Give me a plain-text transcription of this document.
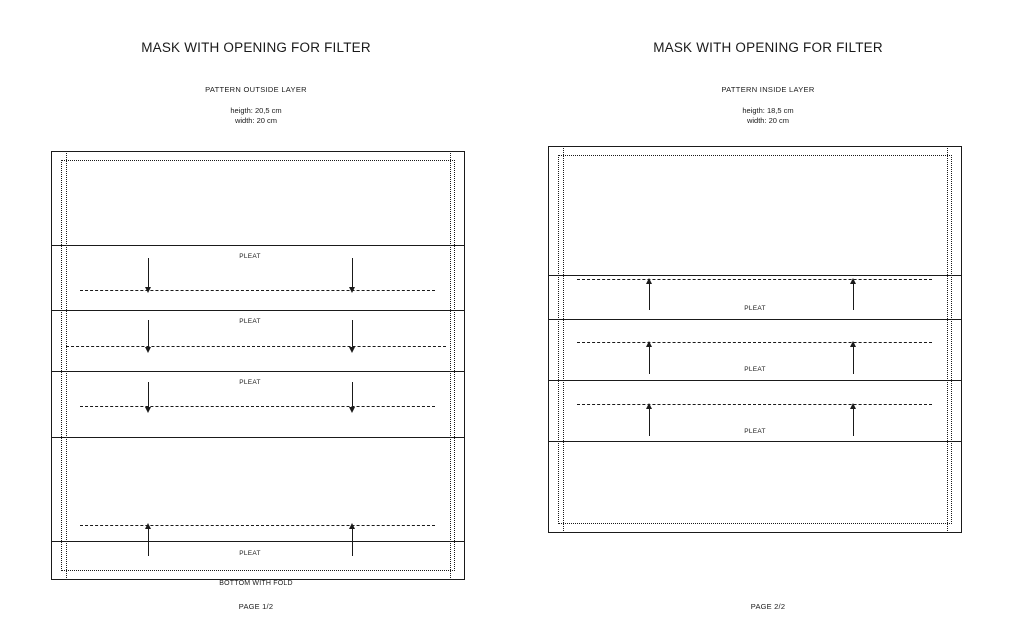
MASK WITH OPENING FOR FILTER
PATTERN OUTSIDE LAYER
heigth: 20,5 cm
width: 20 cm
PLEAT
PLEAT
PLEAT
PLEAT
BOTTOM WITH FOLD
PAGE 1/2
MASK WITH OPENING FOR FILTER
PATTERN INSIDE LAYER
heigth: 18,5 cm
width: 20 cm
PLEAT
PLEAT
PLEAT
PAGE 2/2
